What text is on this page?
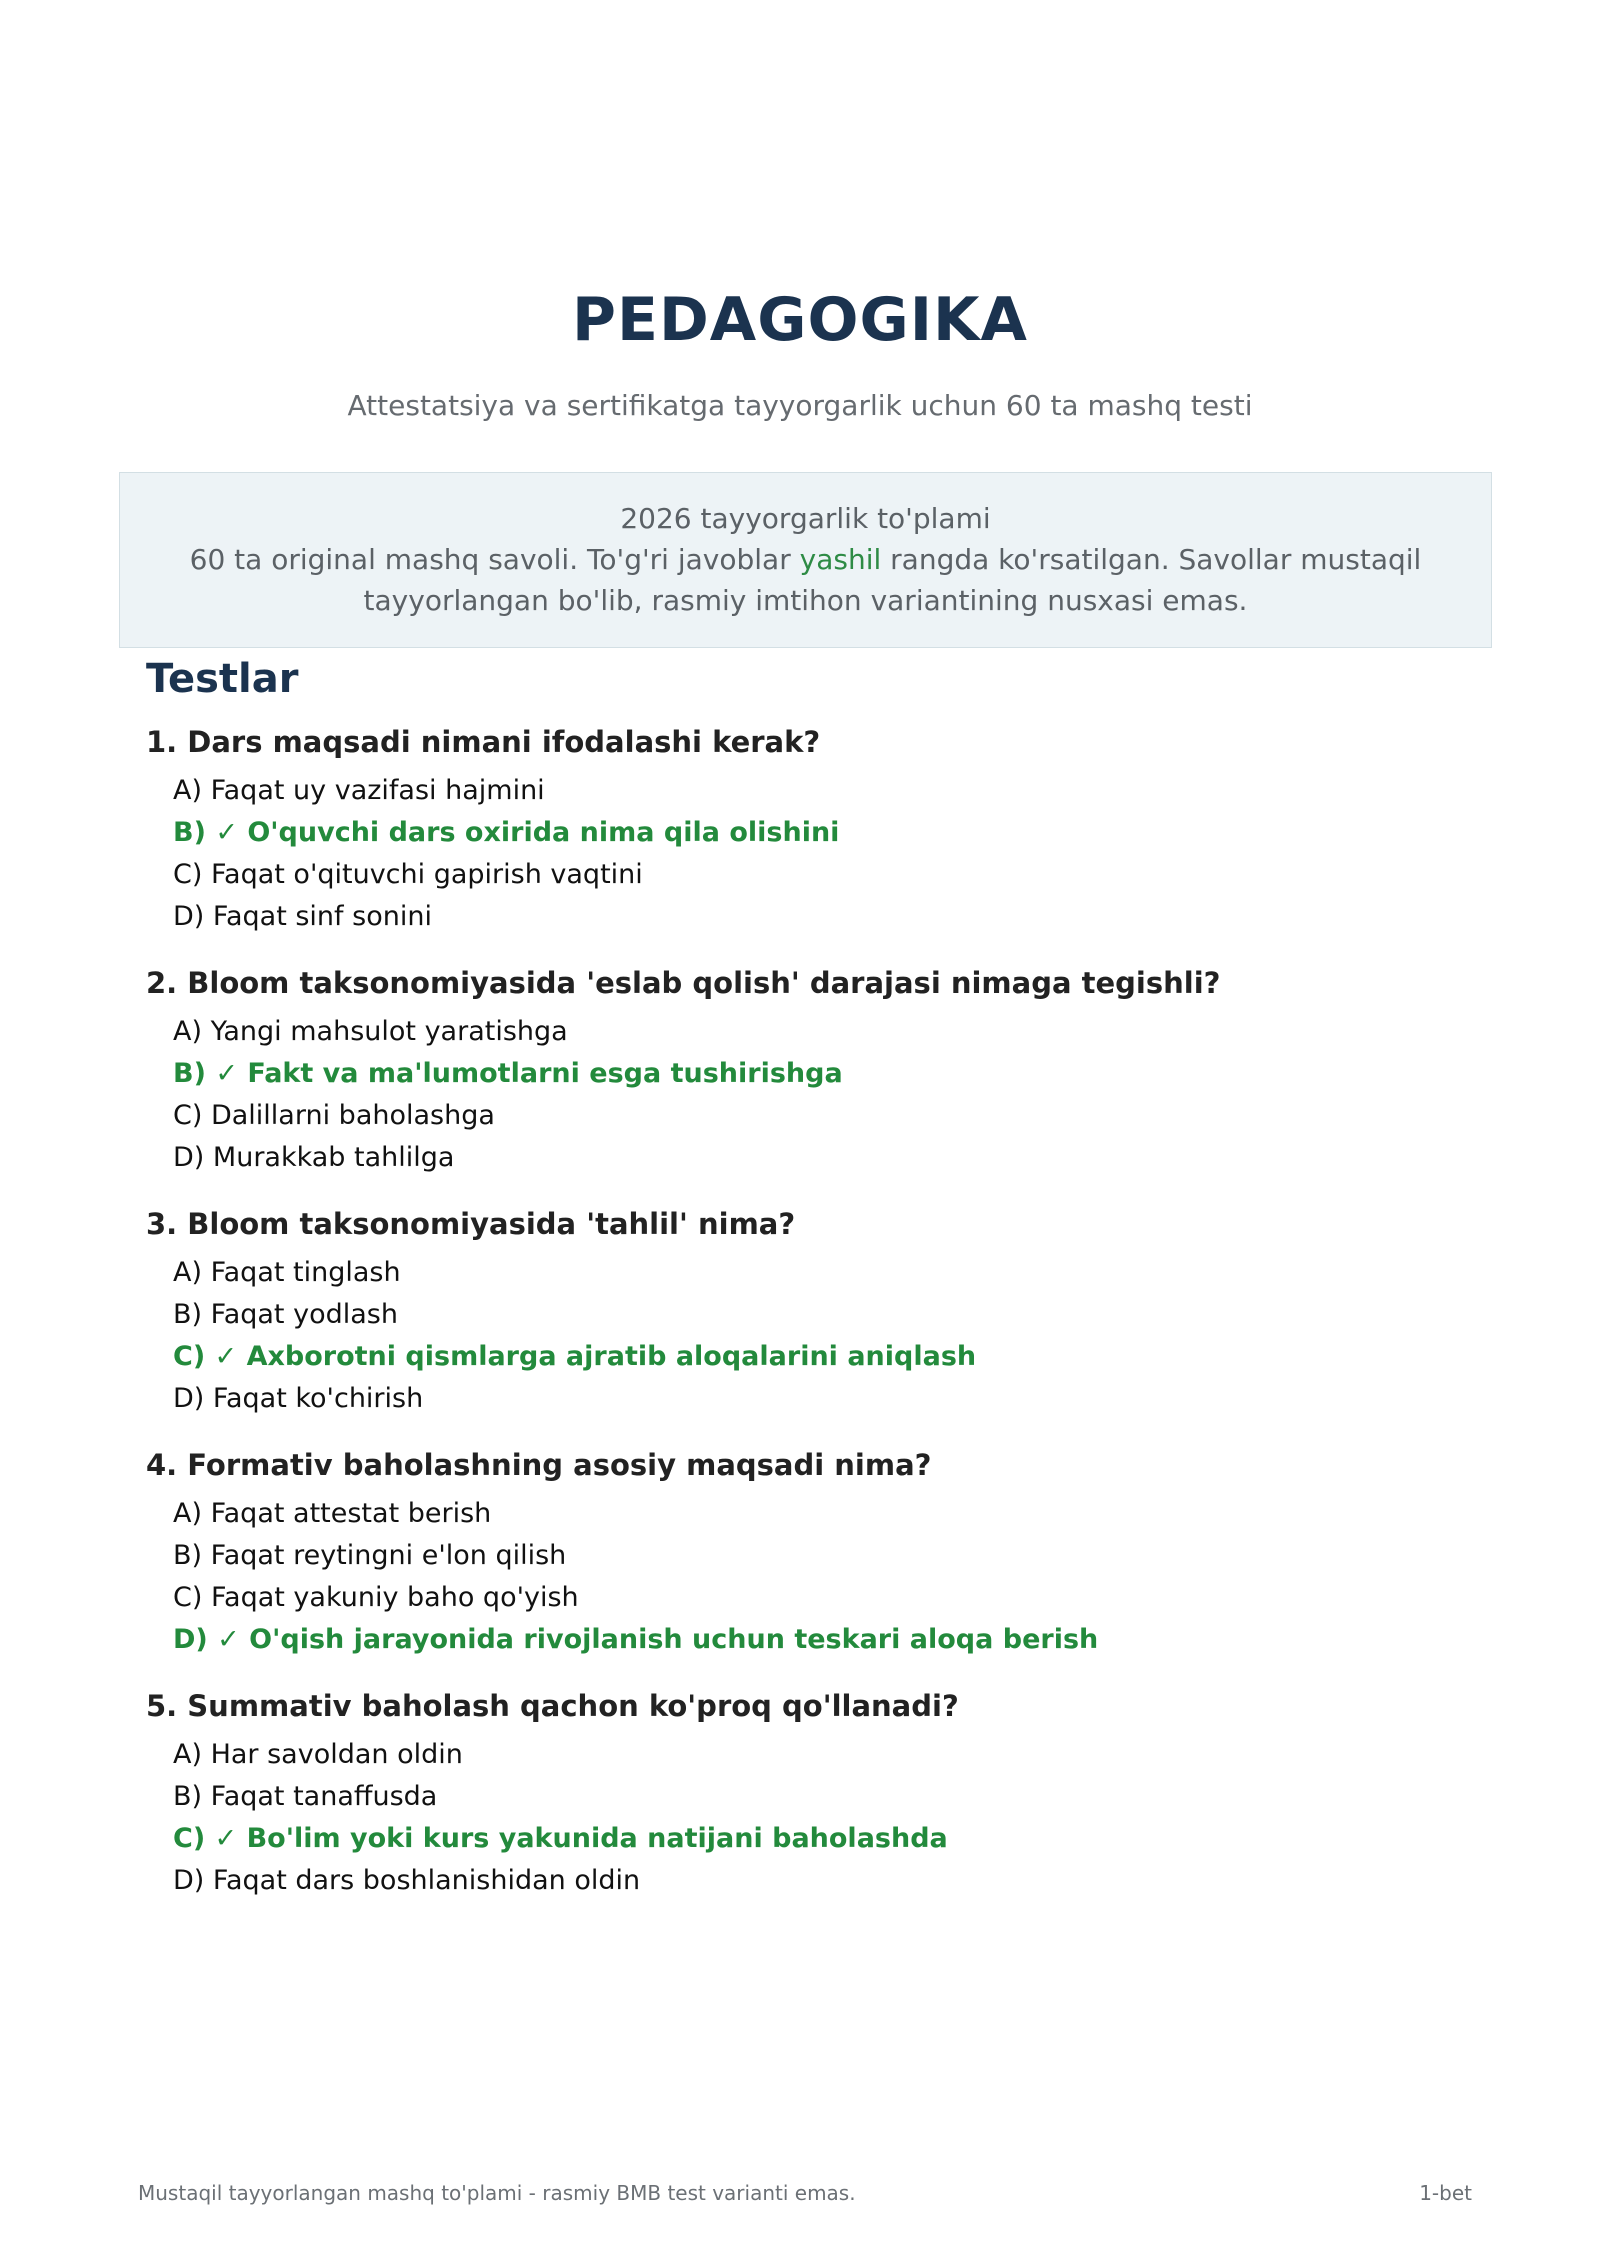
PEDAGOGIKA
Attestatsiya va sertifikatga tayyorgarlik uchun 60 ta mashq testi
2026 tayyorgarlik to'plami
60 ta original mashq savoli. To'g'ri javoblar yashil rangda ko'rsatilgan. Savollar mustaqil
tayyorlangan bo'lib, rasmiy imtihon variantining nusxasi emas.
Testlar
1. Dars maqsadi nimani ifodalashi kerak?
A) Faqat uy vazifasi hajmini
B) ✓ O'quvchi dars oxirida nima qila olishini
C) Faqat o'qituvchi gapirish vaqtini
D) Faqat sinf sonini
2. Bloom taksonomiyasida 'eslab qolish' darajasi nimaga tegishli?
A) Yangi mahsulot yaratishga
B) ✓ Fakt va ma'lumotlarni esga tushirishga
C) Dalillarni baholashga
D) Murakkab tahlilga
3. Bloom taksonomiyasida 'tahlil' nima?
A) Faqat tinglash
B) Faqat yodlash
C) ✓ Axborotni qismlarga ajratib aloqalarini aniqlash
D) Faqat ko'chirish
4. Formativ baholashning asosiy maqsadi nima?
A) Faqat attestat berish
B) Faqat reytingni e'lon qilish
C) Faqat yakuniy baho qo'yish
D) ✓ O'qish jarayonida rivojlanish uchun teskari aloqa berish
5. Summativ baholash qachon ko'proq qo'llanadi?
A) Har savoldan oldin
B) Faqat tanaffusda
C) ✓ Bo'lim yoki kurs yakunida natijani baholashda
D) Faqat dars boshlanishidan oldin
Mustaqil tayyorlangan mashq to'plami - rasmiy BMB test varianti emas.	1-bet
